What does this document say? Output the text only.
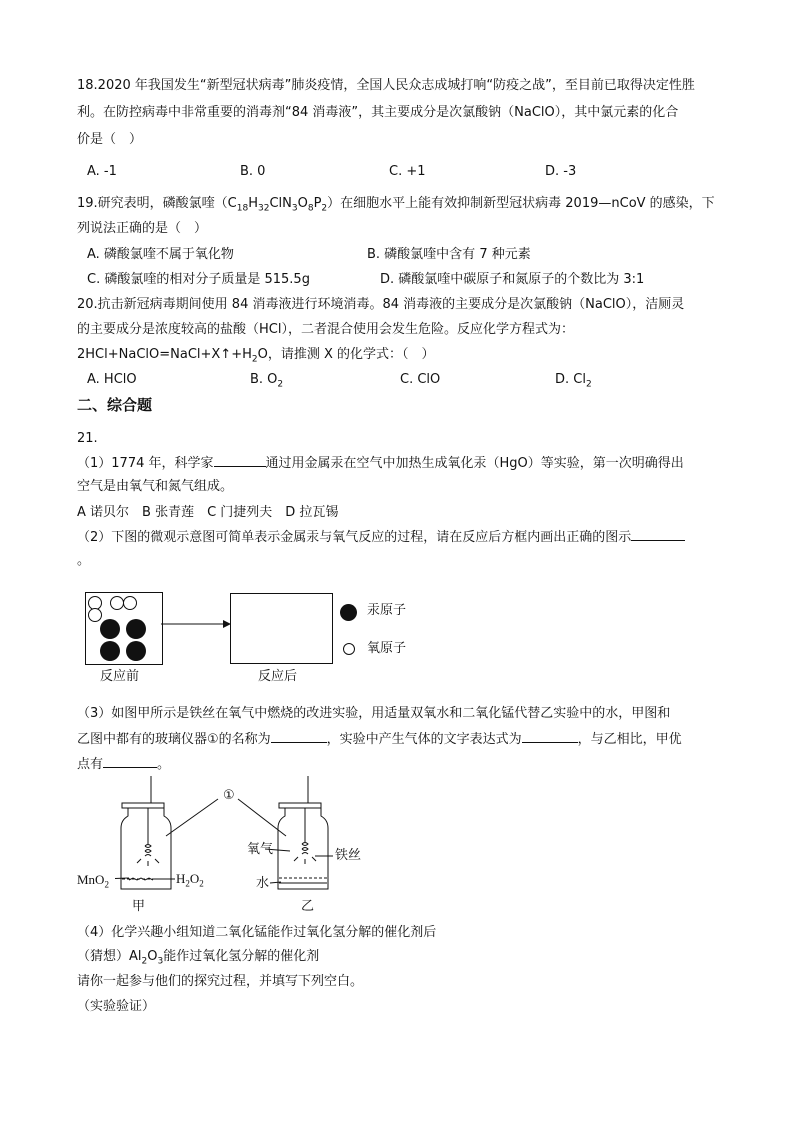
18.2020 年我国发生“新型冠状病毒”肺炎疫情，全国人民众志成城打响“防疫之战”，至目前已取得决定性胜
利。在防控病毒中非常重要的消毒剂“84 消毒液”，其主要成分是次氯酸钠（NaClO），其中氯元素的化合
价是（　）
A. -1	B. 0	C. +1	D. -3
19.研究表明，磷酸氯喹$(C_{18}H_{32}ClN_3O_8P_2)$在细胞水平上能有效抑制新型冠状病毒 2019—nCoV 的感染，下
列说法正确的是（　）
A. 磷酸氯喹不属于氧化物	B. 磷酸氯喹中含有 7 种元素
C. 磷酸氯喹的相对分子质量是 515.5g	D. 磷酸氯喹中碳原子和氮原子的个数比为 3:1
20.抗击新冠病毒期间使用 84 消毒液进行环境消毒。84 消毒液的主要成分是次氯酸钠（NaClO），洁厕灵
的主要成分是浓度较高的盐酸（HCl），二者混合使用会发生危险。反应化学方程式为：
$2HCl+NaClO=NaCl+X↑+H_2O$，请推测 X 的化学式：（　）
A. HClO	B. $O_2$	C. ClO	D. $Cl_2$
二、综合题
21.
（1）1774 年，科学家	通过用金属汞在空气中加热生成氧化汞（HgO）等实验，第一次明确得出
空气是由氧气和氮气组成。
A 诺贝尔　B 张青莲　C 门捷列夫　D 拉瓦锡
（2）下图的微观示意图可简单表示金属汞与氧气反应的过程，请在反应后方框内画出正确的图示
。
反应前	反应后
汞原子
氧原子
（3）如图甲所示是铁丝在氧气中燃烧的改进实验，用适量双氧水和二氧化锰代替乙实验中的水，甲图和
乙图中都有的玻璃仪器①的名称为	，实验中产生气体的文字表达式为	，与乙相比，甲优
点有	。
①
氧气	铁丝
水
MnO$_2$	$H_2O_2$
甲	乙
（4）化学兴趣小组知道二氧化锰能作过氧化氢分解的催化剂后
（猜想）$Al_2O_3$能作过氧化氢分解的催化剂
请你一起参与他们的探究过程，并填写下列空白。
（实验验证）
